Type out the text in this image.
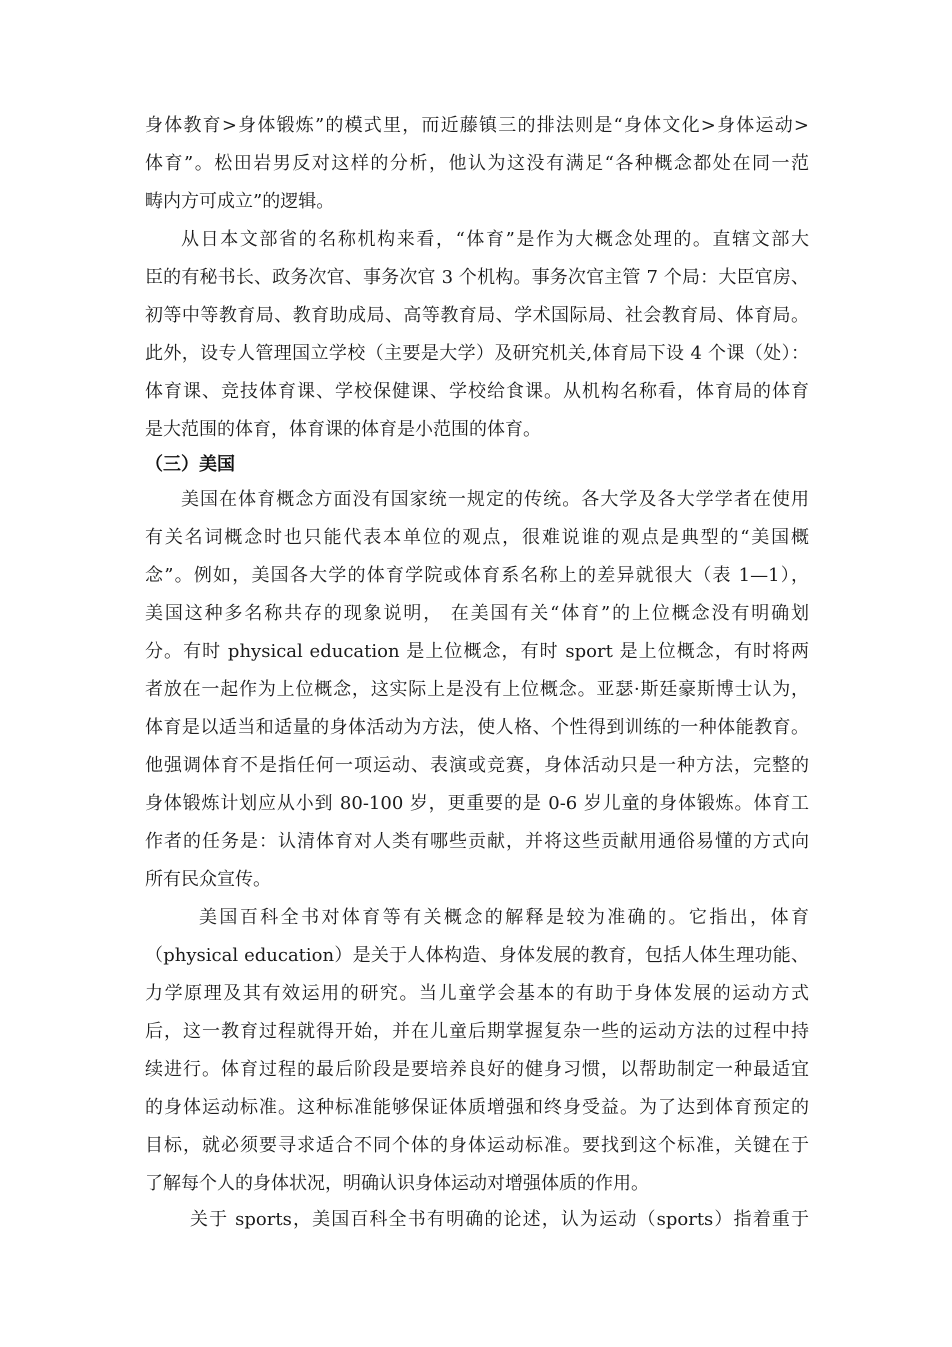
身体教育>身体锻炼”的模式里，而近藤镇三的排法则是“身体文化>身体运动>
体育”。松田岩男反对这样的分析，他认为这没有满足“各种概念都处在同一范
畴内方可成立”的逻辑。
从日本文部省的名称机构来看，“体育”是作为大概念处理的。直辖文部大
臣的有秘书长、政务次官、事务次官 3 个机构。事务次官主管 7 个局：大臣官房、
初等中等教育局、教育助成局、高等教育局、学术国际局、社会教育局、体育局。
此外，设专人管理国立学校（主要是大学）及研究机关,体育局下设 4 个课（处）：
体育课、竞技体育课、学校保健课、学校给食课。从机构名称看，体育局的体育
是大范围的体育，体育课的体育是小范围的体育。
（三）美国
美国在体育概念方面没有国家统一规定的传统。各大学及各大学学者在使用
有关名词概念时也只能代表本单位的观点，很难说谁的观点是典型的“美国概
念”。例如，美国各大学的体育学院或体育系名称上的差异就很大（表 1—1），
美国这种多名称共存的现象说明， 在美国有关“体育”的上位概念没有明确划
分。有时 physical education 是上位概念，有时 sport 是上位概念，有时将两
者放在一起作为上位概念，这实际上是没有上位概念。亚瑟·斯廷豪斯博士认为，
体育是以适当和适量的身体活动为方法，使人格、个性得到训练的一种体能教育。
他强调体育不是指任何一项运动、表演或竞赛，身体活动只是一种方法，完整的
身体锻炼计划应从小到 80-100 岁，更重要的是 0-6 岁儿童的身体锻炼。体育工
作者的任务是：认清体育对人类有哪些贡献，并将这些贡献用通俗易懂的方式向
所有民众宣传。
美国百科全书对体育等有关概念的解释是较为准确的。它指出，体育
（physical education）是关于人体构造、身体发展的教育，包括人体生理功能、
力学原理及其有效运用的研究。当儿童学会基本的有助于身体发展的运动方式
后，这一教育过程就得开始，并在儿童后期掌握复杂一些的运动方法的过程中持
续进行。体育过程的最后阶段是要培养良好的健身习惯，以帮助制定一种最适宜
的身体运动标准。这种标准能够保证体质增强和终身受益。为了达到体育预定的
目标，就必须要寻求适合不同个体的身体运动标准。要找到这个标准，关键在于
了解每个人的身体状况，明确认识身体运动对增强体质的作用。
关于 sports，美国百科全书有明确的论述，认为运动（sports）指着重于
